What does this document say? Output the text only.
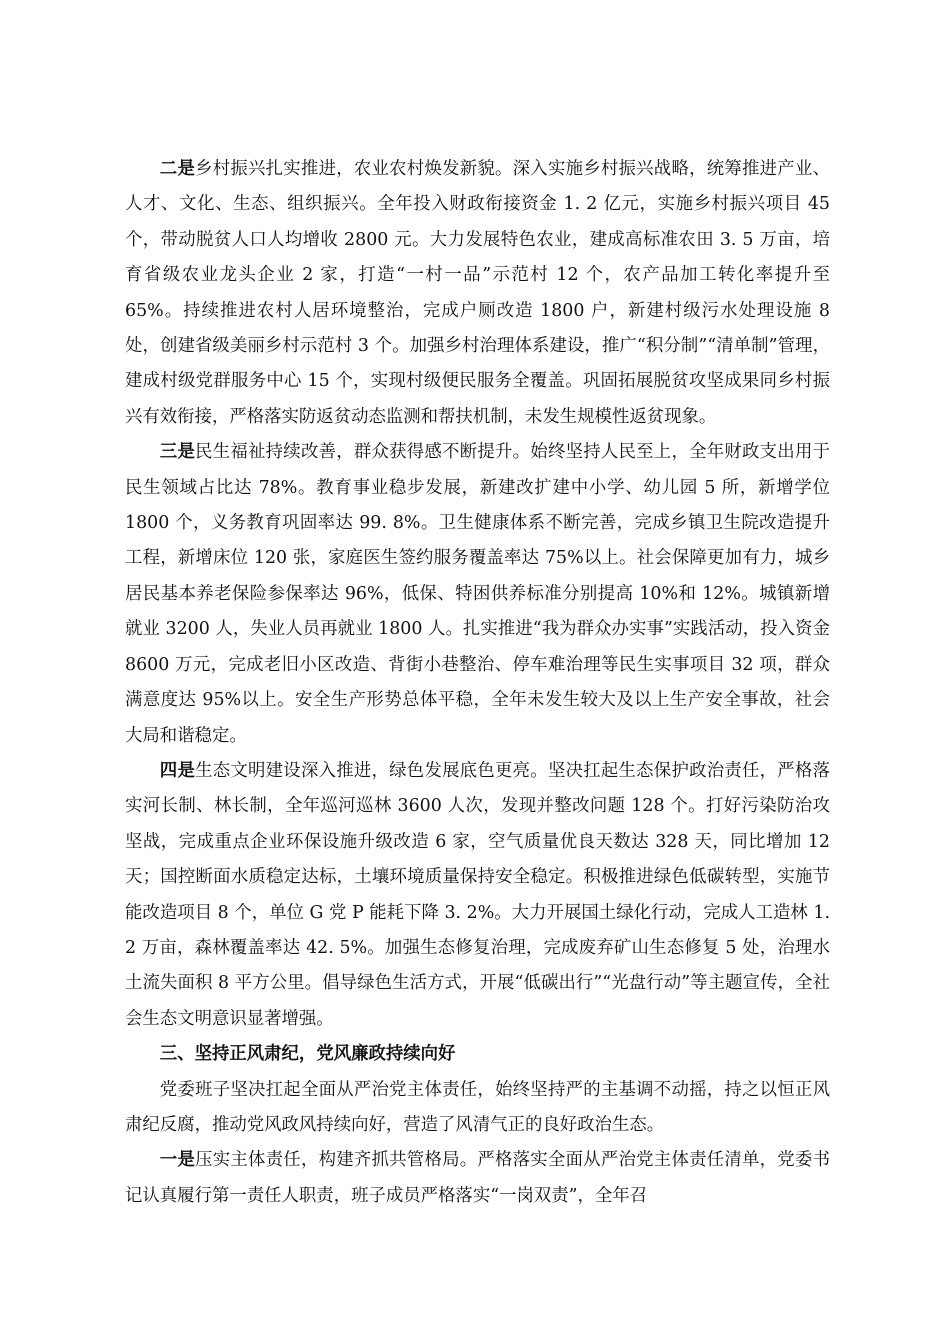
二是乡村振兴扎实推进，农业农村焕发新貌。深入实施乡村振兴战略，统筹推进产业、人才、文化、生态、组织振兴。全年投入财政衔接资金 1. 2 亿元，实施乡村振兴项目 45 个，带动脱贫人口人均增收 2800 元。大力发展特色农业，建成高标准农田 3. 5 万亩，培育省级农业龙头企业 2 家，打造“一村一品”示范村 12 个，农产品加工转化率提升至 65%。持续推进农村人居环境整治，完成户厕改造 1800 户，新建村级污水处理设施 8 处，创建省级美丽乡村示范村 3 个。加强乡村治理体系建设，推广“积分制”“清单制”管理，建成村级党群服务中心 15 个，实现村级便民服务全覆盖。巩固拓展脱贫攻坚成果同乡村振兴有效衔接，严格落实防返贫动态监测和帮扶机制，未发生规模性返贫现象。

三是民生福祉持续改善，群众获得感不断提升。始终坚持人民至上，全年财政支出用于民生领域占比达 78%。教育事业稳步发展，新建改扩建中小学、幼儿园 5 所，新增学位 1800 个，义务教育巩固率达 99. 8%。卫生健康体系不断完善，完成乡镇卫生院改造提升工程，新增床位 120 张，家庭医生签约服务覆盖率达 75%以上。社会保障更加有力，城乡居民基本养老保险参保率达 96%，低保、特困供养标准分别提高 10%和 12%。城镇新增就业 3200 人，失业人员再就业 1800 人。扎实推进“我为群众办实事”实践活动，投入资金 8600 万元，完成老旧小区改造、背街小巷整治、停车难治理等民生实事项目 32 项，群众满意度达 95%以上。安全生产形势总体平稳，全年未发生较大及以上生产安全事故，社会大局和谐稳定。

四是生态文明建设深入推进，绿色发展底色更亮。坚决扛起生态保护政治责任，严格落实河长制、林长制，全年巡河巡林 3600 人次，发现并整改问题 128 个。打好污染防治攻坚战，完成重点企业环保设施升级改造 6 家，空气质量优良天数达 328 天，同比增加 12 天；国控断面水质稳定达标，土壤环境质量保持安全稳定。积极推进绿色低碳转型，实施节能改造项目 8 个，单位 G 党 P 能耗下降 3. 2%。大力开展国土绿化行动，完成人工造林 1. 2 万亩，森林覆盖率达 42. 5%。加强生态修复治理，完成废弃矿山生态修复 5 处，治理水土流失面积 8 平方公里。倡导绿色生活方式，开展“低碳出行”“光盘行动”等主题宣传，全社会生态文明意识显著增强。

三、坚持正风肃纪，党风廉政持续向好

党委班子坚决扛起全面从严治党主体责任，始终坚持严的主基调不动摇，持之以恒正风肃纪反腐，推动党风政风持续向好，营造了风清气正的良好政治生态。

一是压实主体责任，构建齐抓共管格局。严格落实全面从严治党主体责任清单，党委书记认真履行第一责任人职责，班子成员严格落实“一岗双责”，全年召
